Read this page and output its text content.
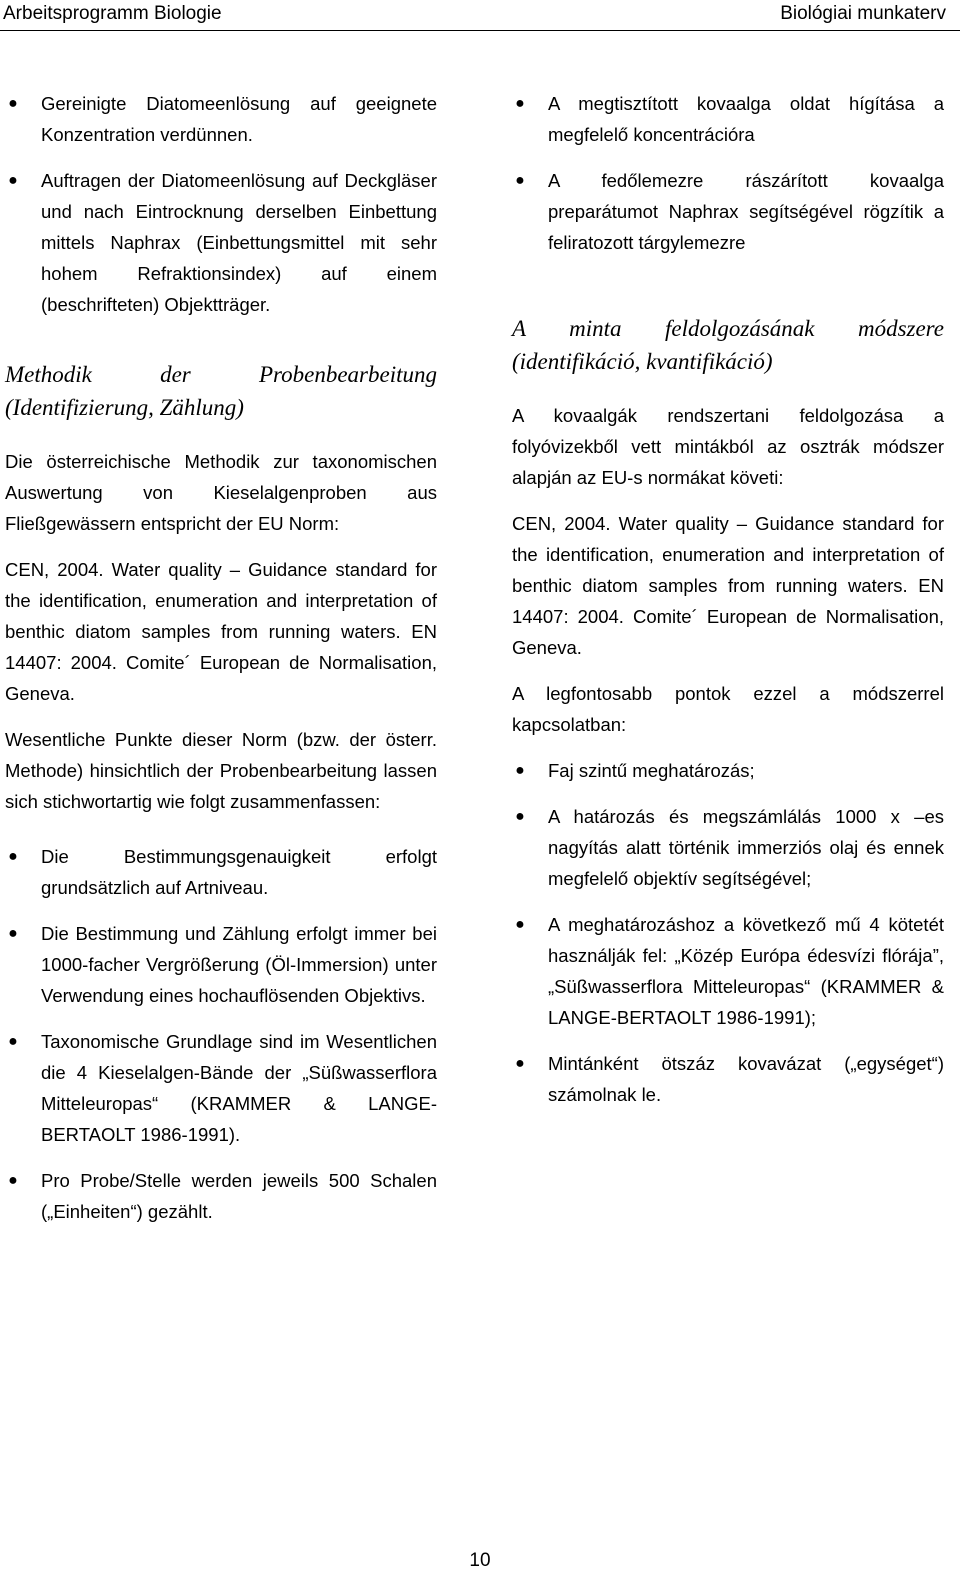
Arbeitsprogramm Biologie	Biológiai munkaterv
● Gereinigte Diatomeenlösung auf geeignete Konzentration verdünnen.
● Auftragen der Diatomeenlösung auf Deckgläser und nach Eintrocknung derselben Einbettung mittels Naphrax (Einbettungsmittel mit sehr hohem Refraktionsindex) auf einem (beschrifteten) Objektträger.
Methodik der Probenbearbeitung
(Identifizierung, Zählung)
Die österreichische Methodik zur taxonomischen Auswertung von Kieselalgenproben aus Fließgewässern entspricht der EU Norm:
CEN, 2004. Water quality – Guidance standard for the identification, enumeration and interpretation of benthic diatom samples from running waters. EN 14407: 2004. Comite´ European de Normalisation, Geneva.
Wesentliche Punkte dieser Norm (bzw. der österr. Methode) hinsichtlich der Probenbearbeitung lassen sich stichwortartig wie folgt zusammenfassen:
● Die Bestimmungsgenauigkeit erfolgt grundsätzlich auf Artniveau.
● Die Bestimmung und Zählung erfolgt immer bei 1000-facher Vergrößerung (Öl-Immersion) unter Verwendung eines hochauflösenden Objektivs.
● Taxonomische Grundlage sind im Wesentlichen die 4 Kieselalgen-Bände der „Süßwasserflora Mitteleuropas“ (KRAMMER & LANGE-BERTAOLT 1986-1991).
● Pro Probe/Stelle werden jeweils 500 Schalen („Einheiten“) gezählt.
● A megtisztított kovaalga oldat hígítása a megfelelő koncentrációra
● A fedőlemezre rászárított kovaalga preparátumot Naphrax segítségével rögzítik a feliratozott tárgylemezre
A minta feldolgozásának módszere
(identifikáció, kvantifikáció)
A kovaalgák rendszertani feldolgozása a folyóvizekből vett mintákból az osztrák módszer alapján az EU-s normákat követi:
CEN, 2004. Water quality – Guidance standard for the identification, enumeration and interpretation of benthic diatom samples from running waters. EN 14407: 2004. Comite´ European de Normalisation, Geneva.
A legfontosabb pontok ezzel a módszerrel kapcsolatban:
● Faj szintű meghatározás;
● A határozás és megszámlálás 1000 x –es nagyítás alatt történik immerziós olaj és ennek megfelelő objektív segítségével;
● A meghatározáshoz a következő mű 4 kötetét használják fel: „Közép Európa édesvízi flórája”, „Süßwasserflora Mitteleuropas“ (KRAMMER & LANGE-BERTAOLT 1986-1991);
● Mintánként ötszáz kovavázat („egységet“) számolnak le.
10
